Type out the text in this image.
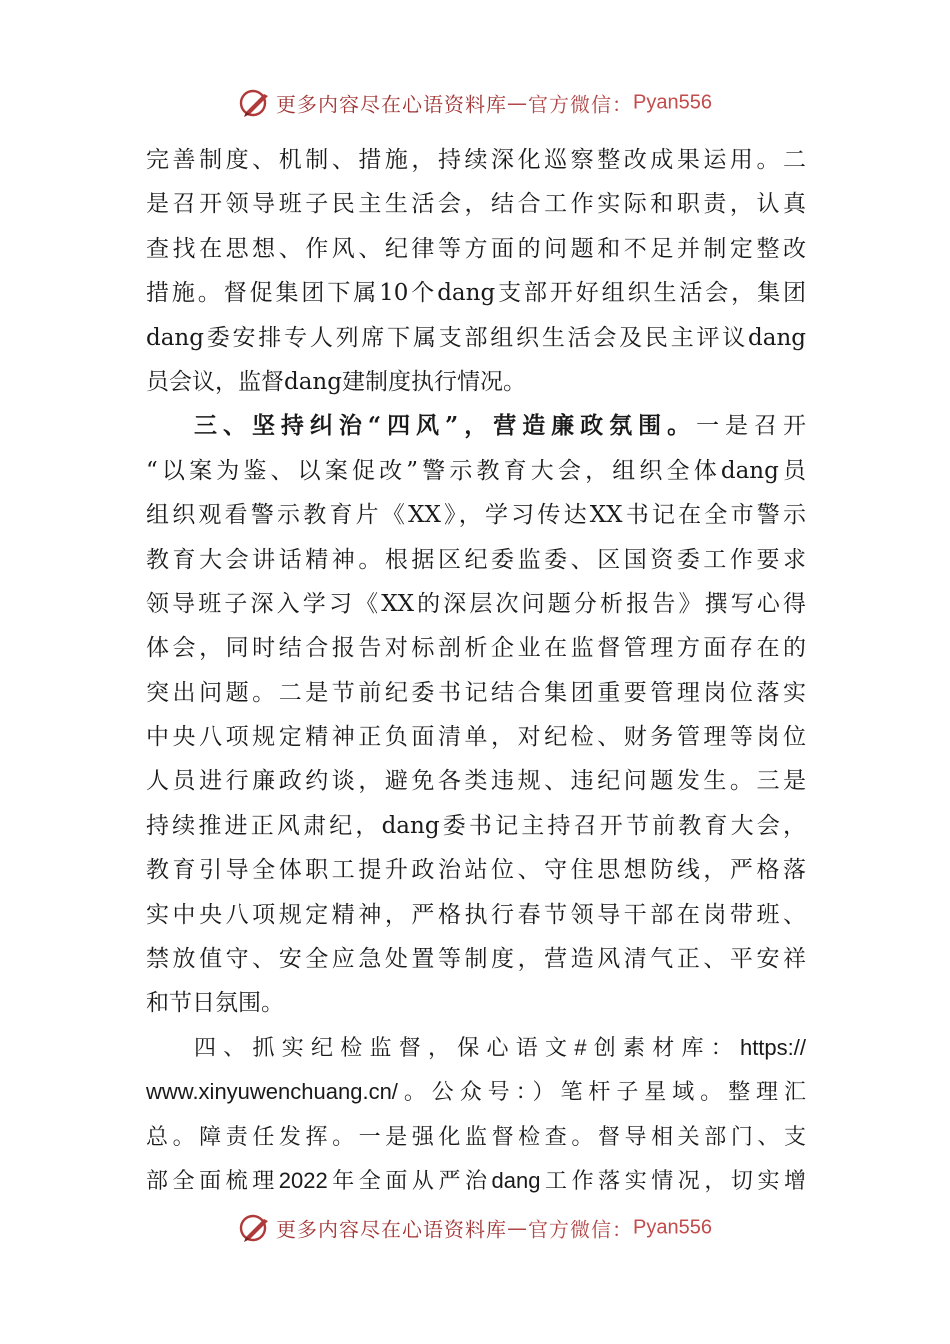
更多内容尽在心语资料库—官方微信：Pyan556
完善制度、机制、措施，持续深化巡察整改成果运用。二
是召开领导班子民主生活会，结合工作实际和职责，认真
查找在思想、作风、纪律等方面的问题和不足并制定整改
措施。督促集团下属10个dang支部开好组织生活会，集团
dang委安排专人列席下属支部组织生活会及民主评议dang
员会议，监督dang建制度执行情况。
三、坚持纠治“四风”，营造廉政氛围。一是召开
“以案为鉴、以案促改”警示教育大会，组织全体dang员
组织观看警示教育片《XX》，学习传达XX书记在全市警示
教育大会讲话精神。根据区纪委监委、区国资委工作要求
领导班子深入学习《XX的深层次问题分析报告》撰写心得
体会，同时结合报告对标剖析企业在监督管理方面存在的
突出问题。二是节前纪委书记结合集团重要管理岗位落实
中央八项规定精神正负面清单，对纪检、财务管理等岗位
人员进行廉政约谈，避免各类违规、违纪问题发生。三是
持续推进正风肃纪，dang委书记主持召开节前教育大会，
教育引导全体职工提升政治站位、守住思想防线，严格落
实中央八项规定精神，严格执行春节领导干部在岗带班、
禁放值守、安全应急处置等制度，营造风清气正、平安祥
和节日氛围。
四、抓实纪检监督，保心语文#创素材库：https://
www.xinyuwenchuang.cn/。公众号：）笔杆子星域。整理汇
总。障责任发挥。一是强化监督检查。督导相关部门、支
部全面梳理2022年全面从严治dang工作落实情况，切实增
更多内容尽在心语资料库—官方微信：Pyan556
